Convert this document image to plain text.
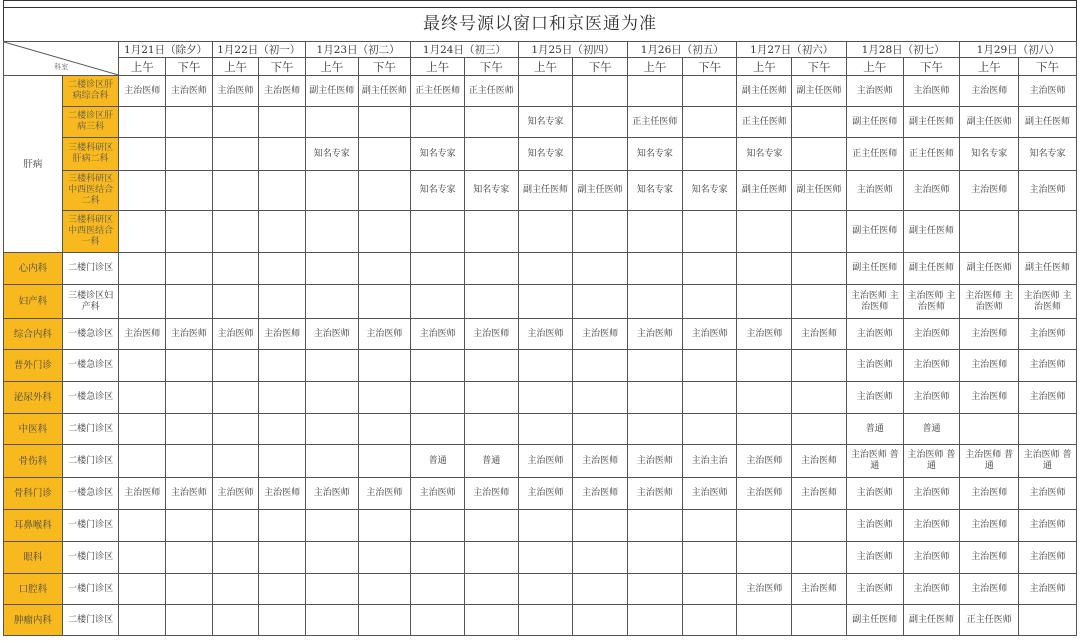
最终号源以窗口和京医通为准
科室		1月21日（除夕）		1月22日（初一）		1月23日（初二）		1月24日（初三）		1月25日（初四）		1月26日（初五）		1月27日（初六）		1月28日（初七）		1月29日（初八）	
		上午	下午	上午	下午	上午	下午	上午	下午	上午	下午	上午	下午	上午	下午	上午	下午	上午	下午
肝病	二楼诊区肝病综合科	主治医师	主治医师	主治医师	主治医师	副主任医师	副主任医师	正主任医师	正主任医师					副主任医师	副主任医师	主治医师	主治医师	主治医师	主治医师
	二楼诊区肝病三科									知名专家		正主任医师		正主任医师		副主任医师	副主任医师	副主任医师	副主任医师
	三楼科研区肝病二科					知名专家		知名专家		知名专家		知名专家		知名专家		正主任医师	正主任医师	知名专家	知名专家
	三楼科研区中西医结合二科							知名专家	知名专家	副主任医师	副主任医师	知名专家	知名专家	副主任医师	副主任医师	主治医师	主治医师	主治医师	主治医师
	三楼科研区中西医结合一科															副主任医师	副主任医师		
心内科	二楼门诊区															副主任医师	副主任医师	副主任医师	副主任医师
妇产科	三楼诊区妇产科															主治医师 主治医师	主治医师 主治医师	主治医师 主治医师	主治医师 主治医师
综合内科	一楼急诊区	主治医师	主治医师	主治医师	主治医师	主治医师	主治医师	主治医师	主治医师	主治医师	主治医师	主治医师	主治医师	主治医师	主治医师	主治医师	主治医师	主治医师	主治医师
普外门诊	一楼急诊区															主治医师	主治医师	主治医师	主治医师
泌尿外科	一楼急诊区															主治医师	主治医师	主治医师	主治医师
中医科	二楼门诊区															普通	普通		
骨伤科	二楼门诊区							普通	普通	主治医师	主治医师	主治医师	主治主治	主治医师	主治医师	主治医师 普通	主治医师 普通	主治医师 普通	主治医师 普通
骨科门诊	一楼急诊区	主治医师	主治医师	主治医师	主治医师	主治医师	主治医师	主治医师	主治医师	主治医师	主治医师	主治医师	主治医师	主治医师	主治医师	主治医师	主治医师	主治医师	主治医师
耳鼻喉科	一楼门诊区															主治医师	主治医师	主治医师	主治医师
眼科	一楼门诊区															主治医师	主治医师	主治医师	主治医师
口腔科	一楼门诊区													主治医师	主治医师	主治医师	主治医师	主治医师	主治医师
肿瘤内科	二楼门诊区															副主任医师	副主任医师	正主任医师	
